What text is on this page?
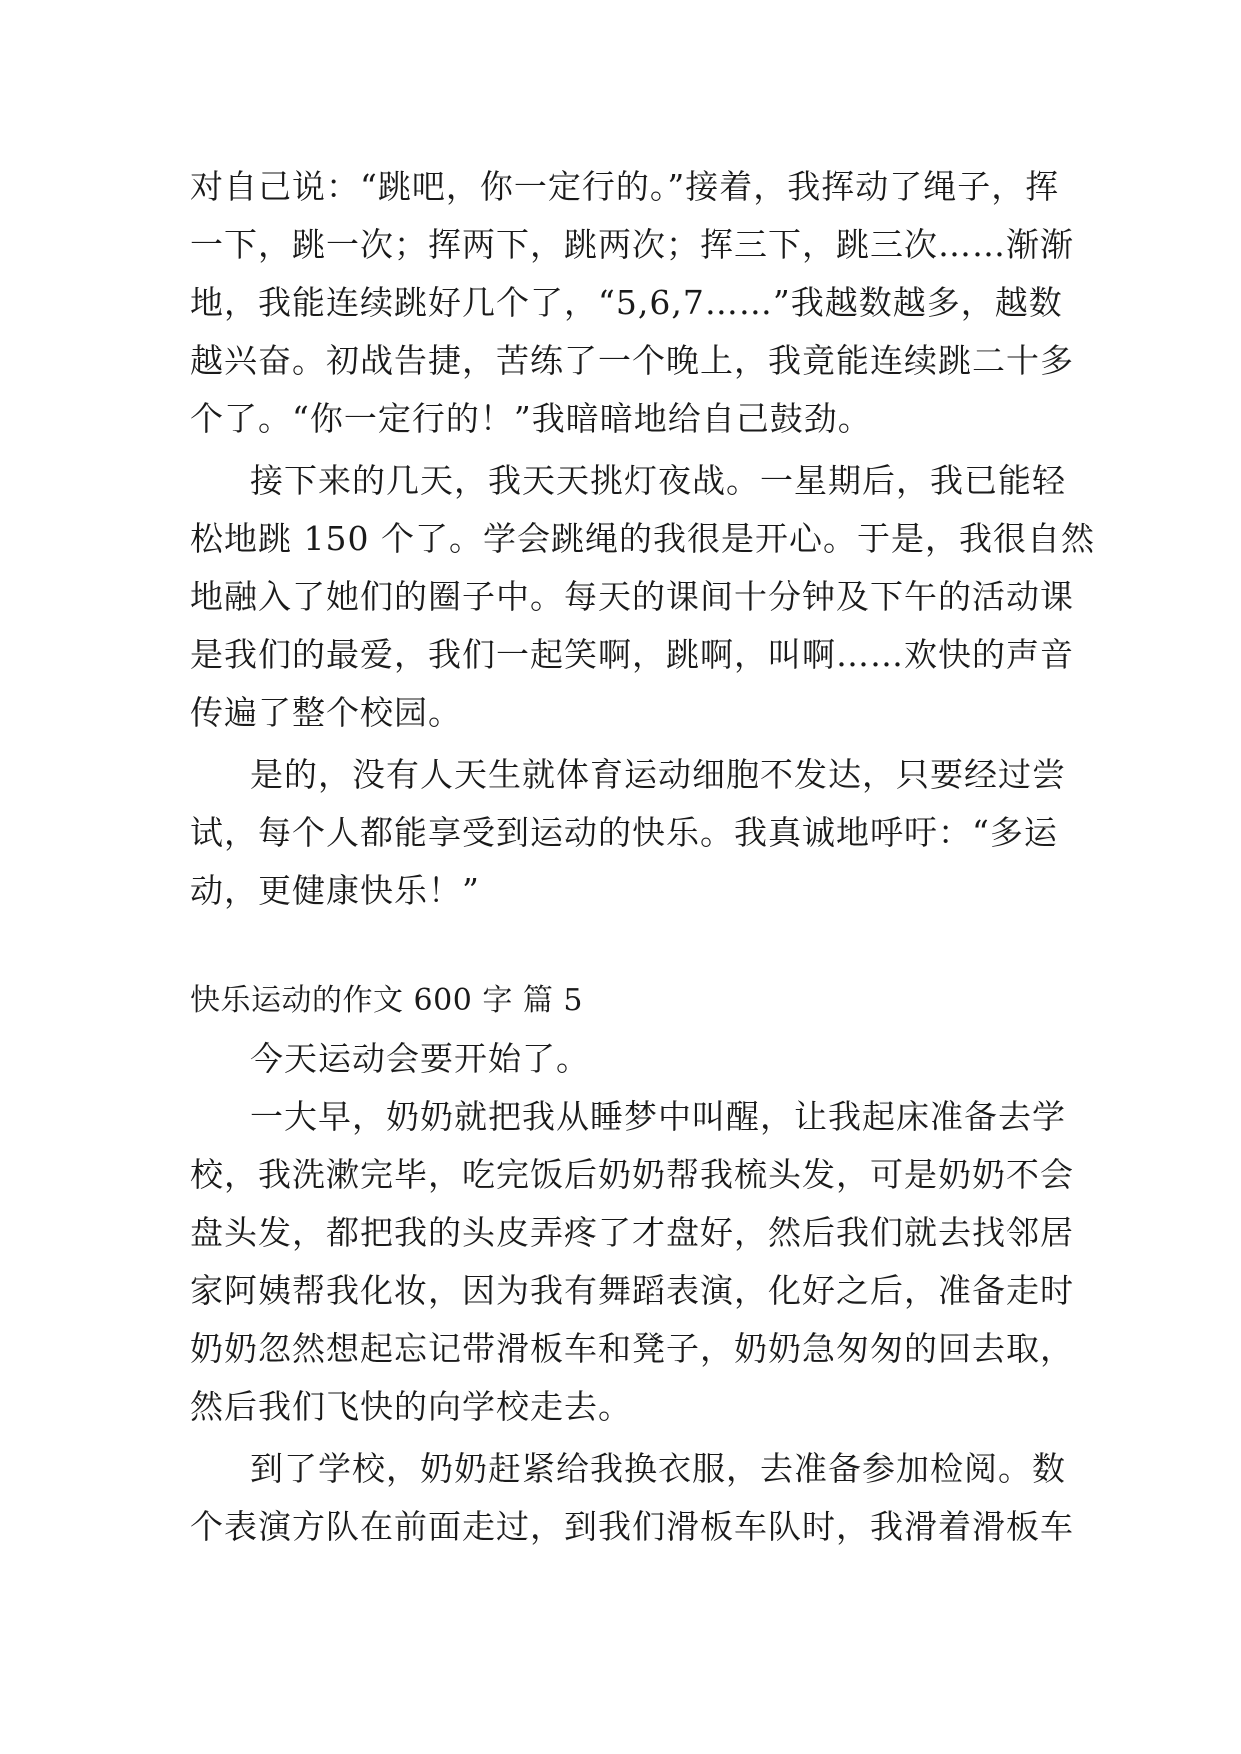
对自己说：“跳吧，你一定行的。”接着，我挥动了绳子，挥
一下，跳一次；挥两下，跳两次；挥三下，跳三次……渐渐
地，我能连续跳好几个了，“5,6,7……”我越数越多，越数
越兴奋。初战告捷，苦练了一个晚上，我竟能连续跳二十多
个了。“你一定行的！”我暗暗地给自己鼓劲。
接下来的几天，我天天挑灯夜战。一星期后，我已能轻
松地跳 150 个了。学会跳绳的我很是开心。于是，我很自然
地融入了她们的圈子中。每天的课间十分钟及下午的活动课
是我们的最爱，我们一起笑啊，跳啊，叫啊……欢快的声音
传遍了整个校园。
是的，没有人天生就体育运动细胞不发达，只要经过尝
试，每个人都能享受到运动的快乐。我真诚地呼吁：“多运
动，更健康快乐！”
快乐运动的作文 600 字 篇 5
今天运动会要开始了。
一大早，奶奶就把我从睡梦中叫醒，让我起床准备去学
校，我洗漱完毕，吃完饭后奶奶帮我梳头发，可是奶奶不会
盘头发，都把我的头皮弄疼了才盘好，然后我们就去找邻居
家阿姨帮我化妆，因为我有舞蹈表演，化好之后，准备走时
奶奶忽然想起忘记带滑板车和凳子，奶奶急匆匆的回去取，
然后我们飞快的向学校走去。
到了学校，奶奶赶紧给我换衣服，去准备参加检阅。数
个表演方队在前面走过，到我们滑板车队时，我滑着滑板车
